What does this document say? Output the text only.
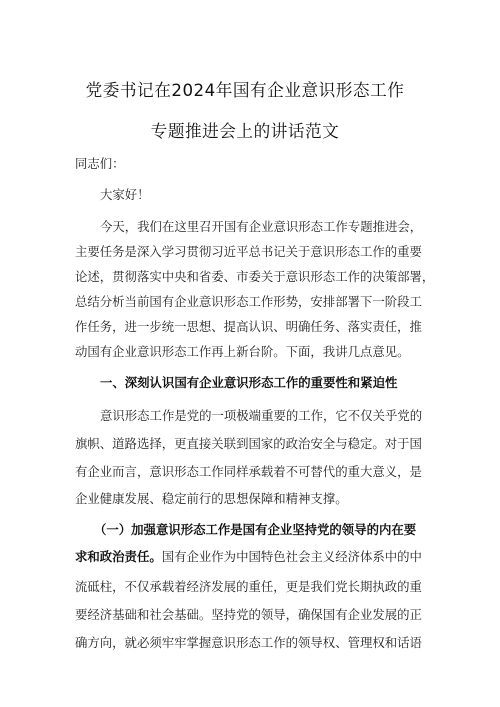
党委书记在2024年国有企业意识形态工作
专题推进会上的讲话范文
同志们：
大家好！
今天，我们在这里召开国有企业意识形态工作专题推进会，
主要任务是深入学习贯彻习近平总书记关于意识形态工作的重要
论述，贯彻落实中央和省委、市委关于意识形态工作的决策部署，
总结分析当前国有企业意识形态工作形势，安排部署下一阶段工
作任务，进一步统一思想、提高认识、明确任务、落实责任，推
动国有企业意识形态工作再上新台阶。下面，我讲几点意见。
一、深刻认识国有企业意识形态工作的重要性和紧迫性
意识形态工作是党的一项极端重要的工作，它不仅关乎党的
旗帜、道路选择，更直接关联到国家的政治安全与稳定。对于国
有企业而言，意识形态工作同样承载着不可替代的重大意义，是
企业健康发展、稳定前行的思想保障和精神支撑。
（一）加强意识形态工作是国有企业坚持党的领导的内在要
求和政治责任。国有企业作为中国特色社会主义经济体系中的中
流砥柱，不仅承载着经济发展的重任，更是我们党长期执政的重
要经济基础和社会基础。坚持党的领导，确保国有企业发展的正
确方向，就必须牢牢掌握意识形态工作的领导权、管理权和话语
